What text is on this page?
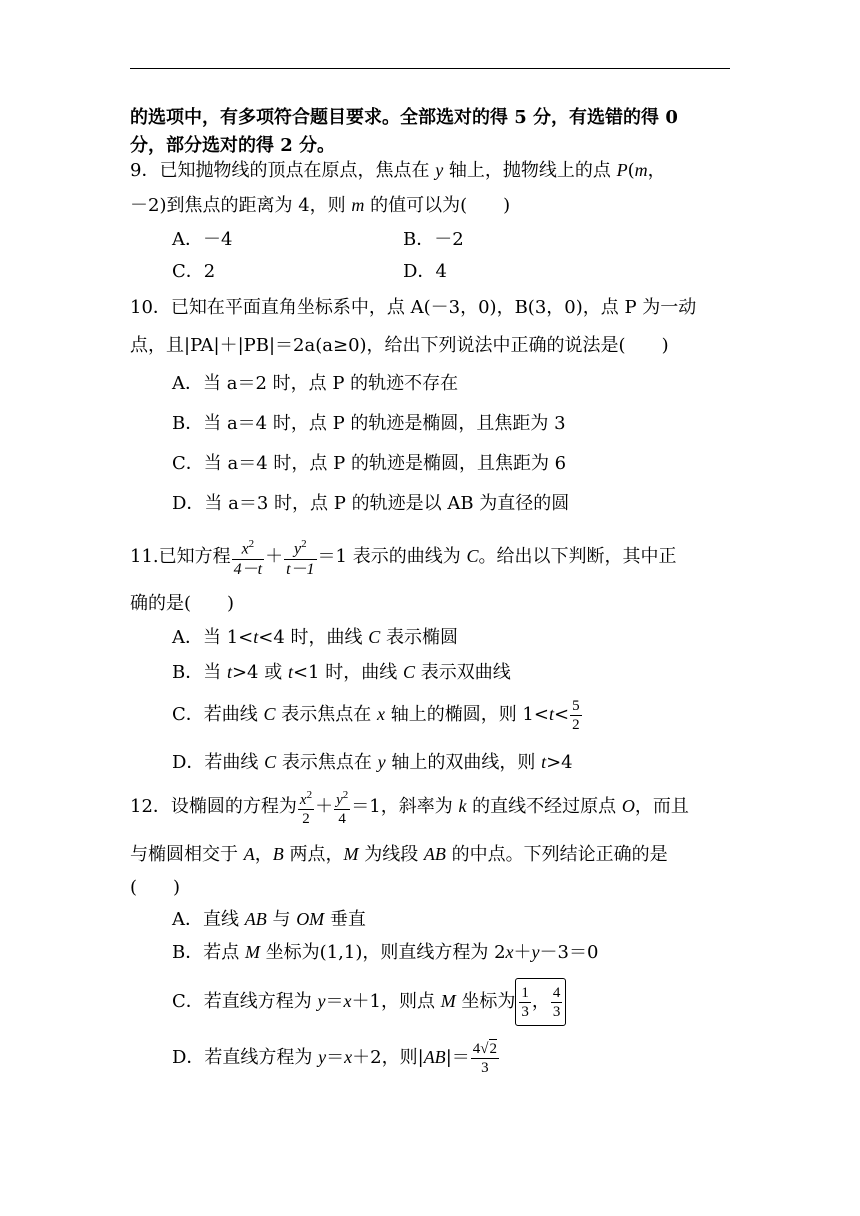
的选项中，有多项符合题目要求。全部选对的得 5 分，有选错的得 0
分，部分选对的得 2 分。
9．已知抛物线的顶点在原点，焦点在 y 轴上，抛物线上的点 P(m，
－2)到焦点的距离为 4，则 m 的值可以为(　　)
A．－4	B．－2
C．2	D．4
10．已知在平面直角坐标系中，点 A(－3，0)，B(3，0)，点 P 为一动
点，且|PA|＋|PB|＝2a(a≥0)，给出下列说法中正确的说法是(　　)
A．当 a＝2 时，点 P 的轨迹不存在
B．当 a＝4 时，点 P 的轨迹是椭圆，且焦距为 3
C．当 a＝4 时，点 P 的轨迹是椭圆，且焦距为 6
D．当 a＝3 时，点 P 的轨迹是以 AB 为直径的圆
11.已知方程 $\frac{x^2}{4-t} + \frac{y^2}{t-1} =1$ 表示的曲线为 C。给出以下判断，其中正
确的是(　　)
A．当 1<t<4 时，曲线 C 表示椭圆
B．当 t>4 或 t<1 时，曲线 C 表示双曲线
C．若曲线 C 表示焦点在 x 轴上的椭圆，则 $1<t< \frac{5}{2}$
D．若曲线 C 表示焦点在 y 轴上的双曲线，则 t>4
12．设椭圆的方程为 $\frac{x^2}{2} + \frac{y^2}{4} =1$，斜率为 k 的直线不经过原点 O，而且
与椭圆相交于 A，B 两点，M 为线段 AB 的中点。下列结论正确的是
(　　)
A．直线 AB 与 OM 垂直
B．若点 M 坐标为(1,1)，则直线方程为 2x＋y－3＝0
C．若直线方程为 y＝x＋1，则点 M 坐标为 $\frac{1}{3}$ ， $\frac{4}{3}$
D．若直线方程为 y＝x＋2，则$|AB|= \frac{4√2}{3}$
